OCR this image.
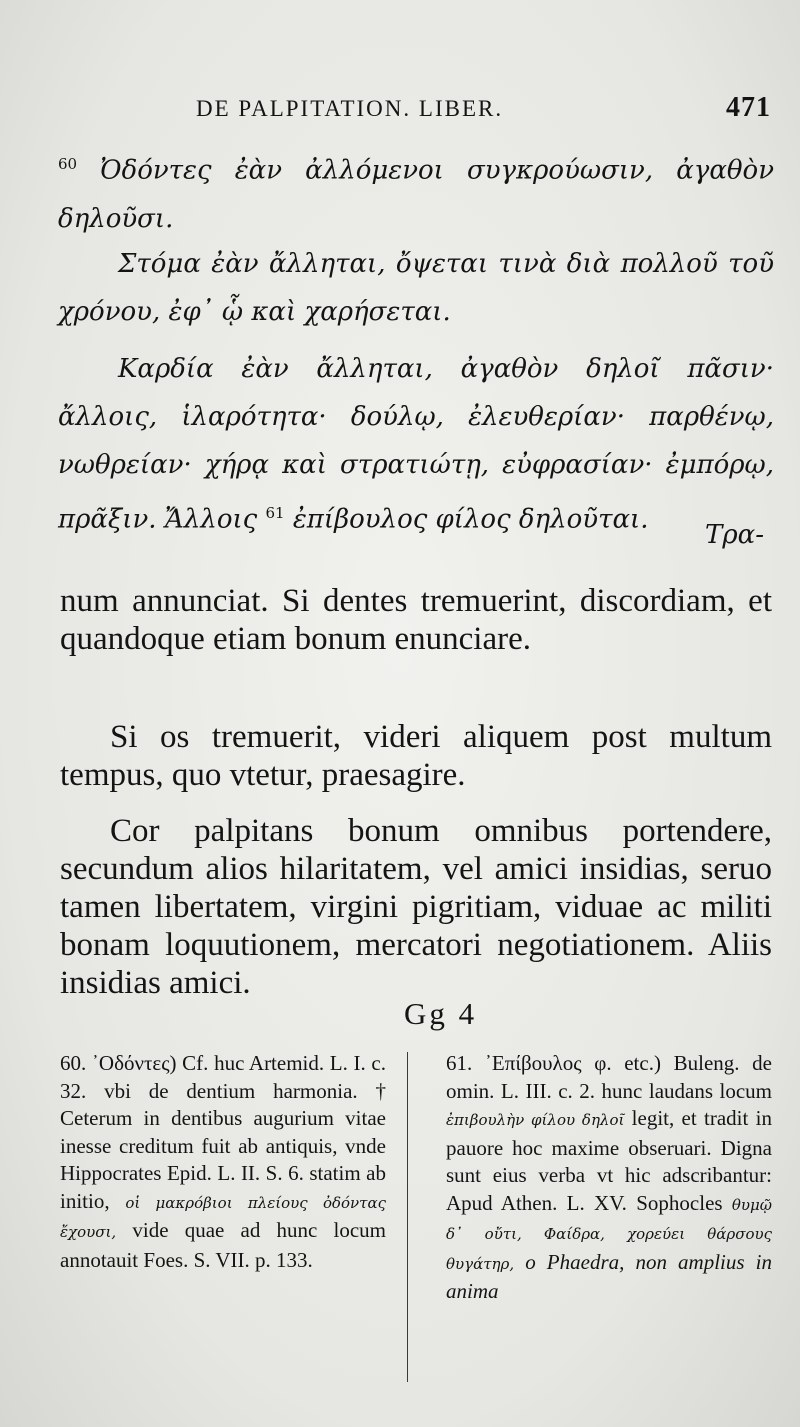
DE PALPITATION. LIBER.	471
$^{60}$ Ὀδόντες ἐὰν ἀλλόμενοι συγκρούωσιν, ἀγαθὸν δηλοῦσι.
Στόμα ἐὰν ἄλληται, ὄψεται τινὰ διὰ πολλοῦ τοῦ χρόνου, ἐφ᾽ ᾧ καὶ χαρήσεται.
Καρδία ἐὰν ἄλληται, ἀγαθὸν δηλοῖ πᾶσιν· ἄλλοις, ἱλαρότητα· δούλῳ, ἐλευθερίαν· παρθένῳ, νωθρείαν· χήρᾳ καὶ στρατιώτῃ, εὐφρασίαν· ἐμπόρῳ, πρᾶξιν. Ἄλλοις $^{61}$ ἐπίβουλος φίλος δηλοῦται.
Τρα-
num annunciat. Si dentes tremuerint, discordiam, et quandoque etiam bonum enunciare.
Si os tremuerit, videri aliquem post multum tempus, quo vtetur, praesagire.
Cor palpitans bonum omnibus portendere, secundum alios hilaritatem, vel amici insidias, seruo tamen libertatem, virgini pigritiam, viduae ac militi bonam loquutionem, mercatori negotiationem. Aliis insidias amici.
Gg 4
60. ᾿Οδόντες) Cf. huc Artemid. L. I. c. 32. vbi de dentium harmonia. † Ceterum in dentibus augurium vitae inesse creditum fuit ab antiquis, vnde Hippocrates Epid. L. II. S. 6. statim ab initio, οἱ μακρόβιοι πλείους ὀδόντας ἔχουσι, vide quae ad hunc locum annotauit Foes. S. VII. p. 133.
61. ᾿Επίβουλος φ. etc.) Buleng. de omin. L. III. c. 2. hunc laudans locum ἐπιβουλὴν φίλου δηλοῖ legit, et tradit in pauore hoc maxime obseruari. Digna sunt eius verba vt hic adscribantur: Apud Athen. L. XV. Sophocles θυμῷ δ᾽ οὔτι, Φαίδρα, χορεύει θάρσους θυγάτηρ, o Phaedra, non amplius in anima
